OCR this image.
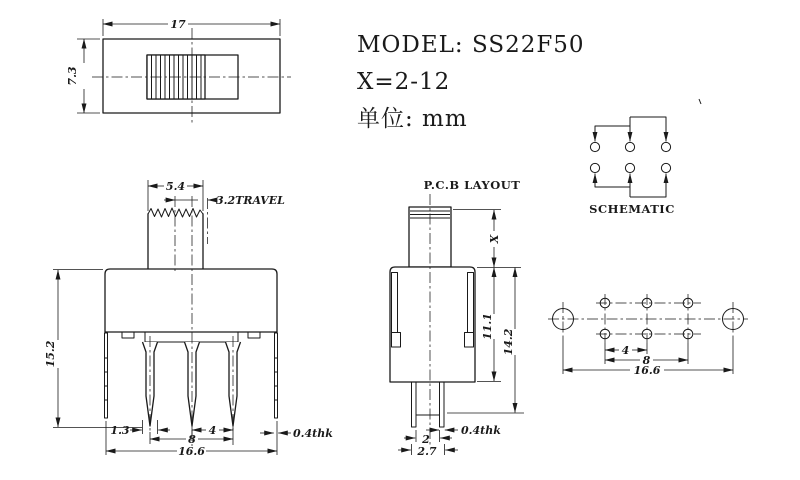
17
7.3
MODEL: SS22F50
X=2-12
单位: mm
SCHEMATIC
5.4
3.2TRAVEL
15.2
1.3	4
8
16.6
0.4thk
P.C.B LAYOUT
X
11.1
14.2
0.4thk
2
2.7
4
8
16.6
